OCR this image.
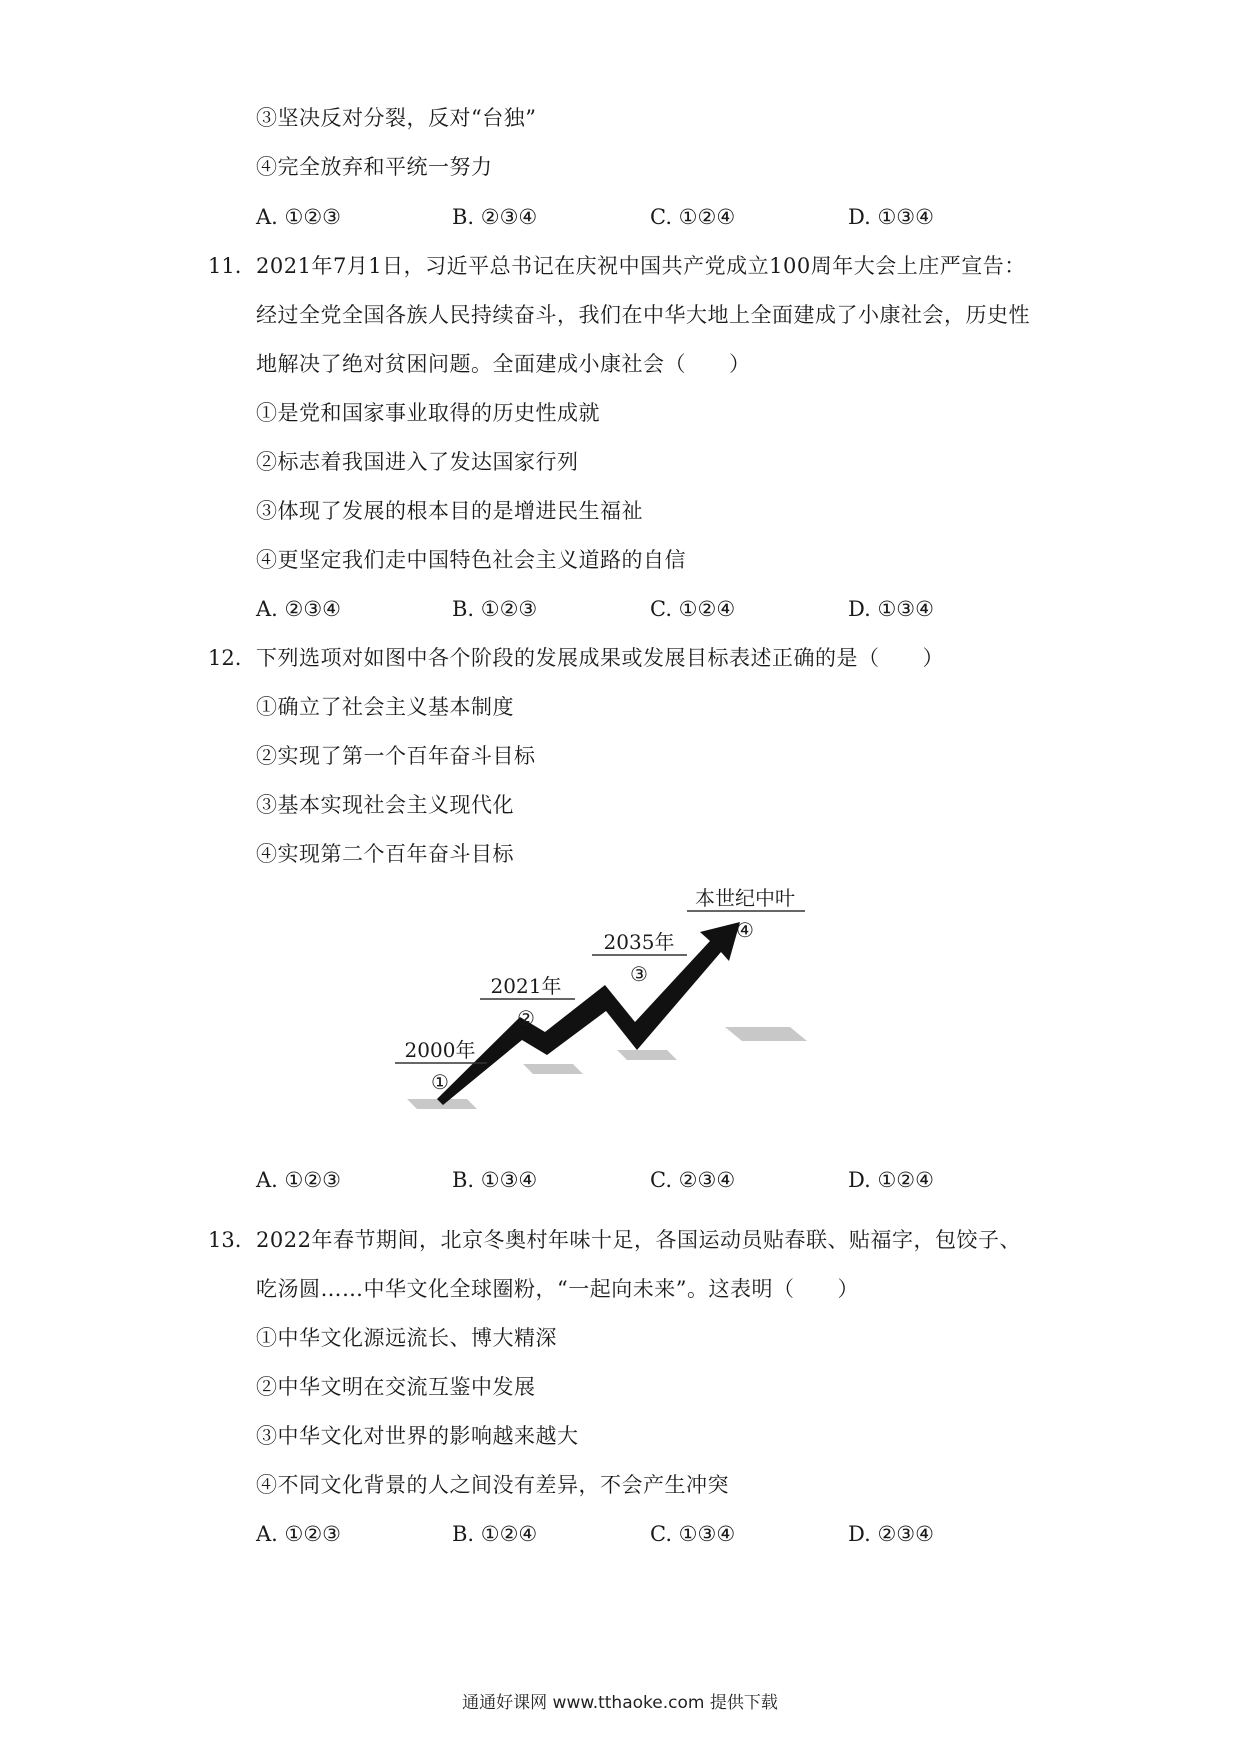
③坚决反对分裂，反对“台独”
④完全放弃和平统一努力
A. ①②③	B. ②③④	C. ①②④	D. ①③④
11. 2021年7月1日，习近平总书记在庆祝中国共产党成立100周年大会上庄严宣告：
经过全党全国各族人民持续奋斗，我们在中华大地上全面建成了小康社会，历史性
地解决了绝对贫困问题。全面建成小康社会（　　）
①是党和国家事业取得的历史性成就
②标志着我国进入了发达国家行列
③体现了发展的根本目的是增进民生福祉
④更坚定我们走中国特色社会主义道路的自信
A. ②③④	B. ①②③	C. ①②④	D. ①③④
12. 下列选项对如图中各个阶段的发展成果或发展目标表述正确的是（　　）
①确立了社会主义基本制度
②实现了第一个百年奋斗目标
③基本实现社会主义现代化
④实现第二个百年奋斗目标
2000年
①
2021年
②
2035年
③
本世纪中叶
④
A. ①②③	B. ①③④	C. ②③④	D. ①②④
13. 2022年春节期间，北京冬奥村年味十足，各国运动员贴春联、贴福字，包饺子、
吃汤圆……中华文化全球圈粉，“一起向未来”。这表明（　　）
①中华文化源远流长、博大精深
②中华文明在交流互鉴中发展
③中华文化对世界的影响越来越大
④不同文化背景的人之间没有差异，不会产生冲突
A. ①②③	B. ①②④	C. ①③④	D. ②③④
通通好课网 www.tthaoke.com 提供下载
